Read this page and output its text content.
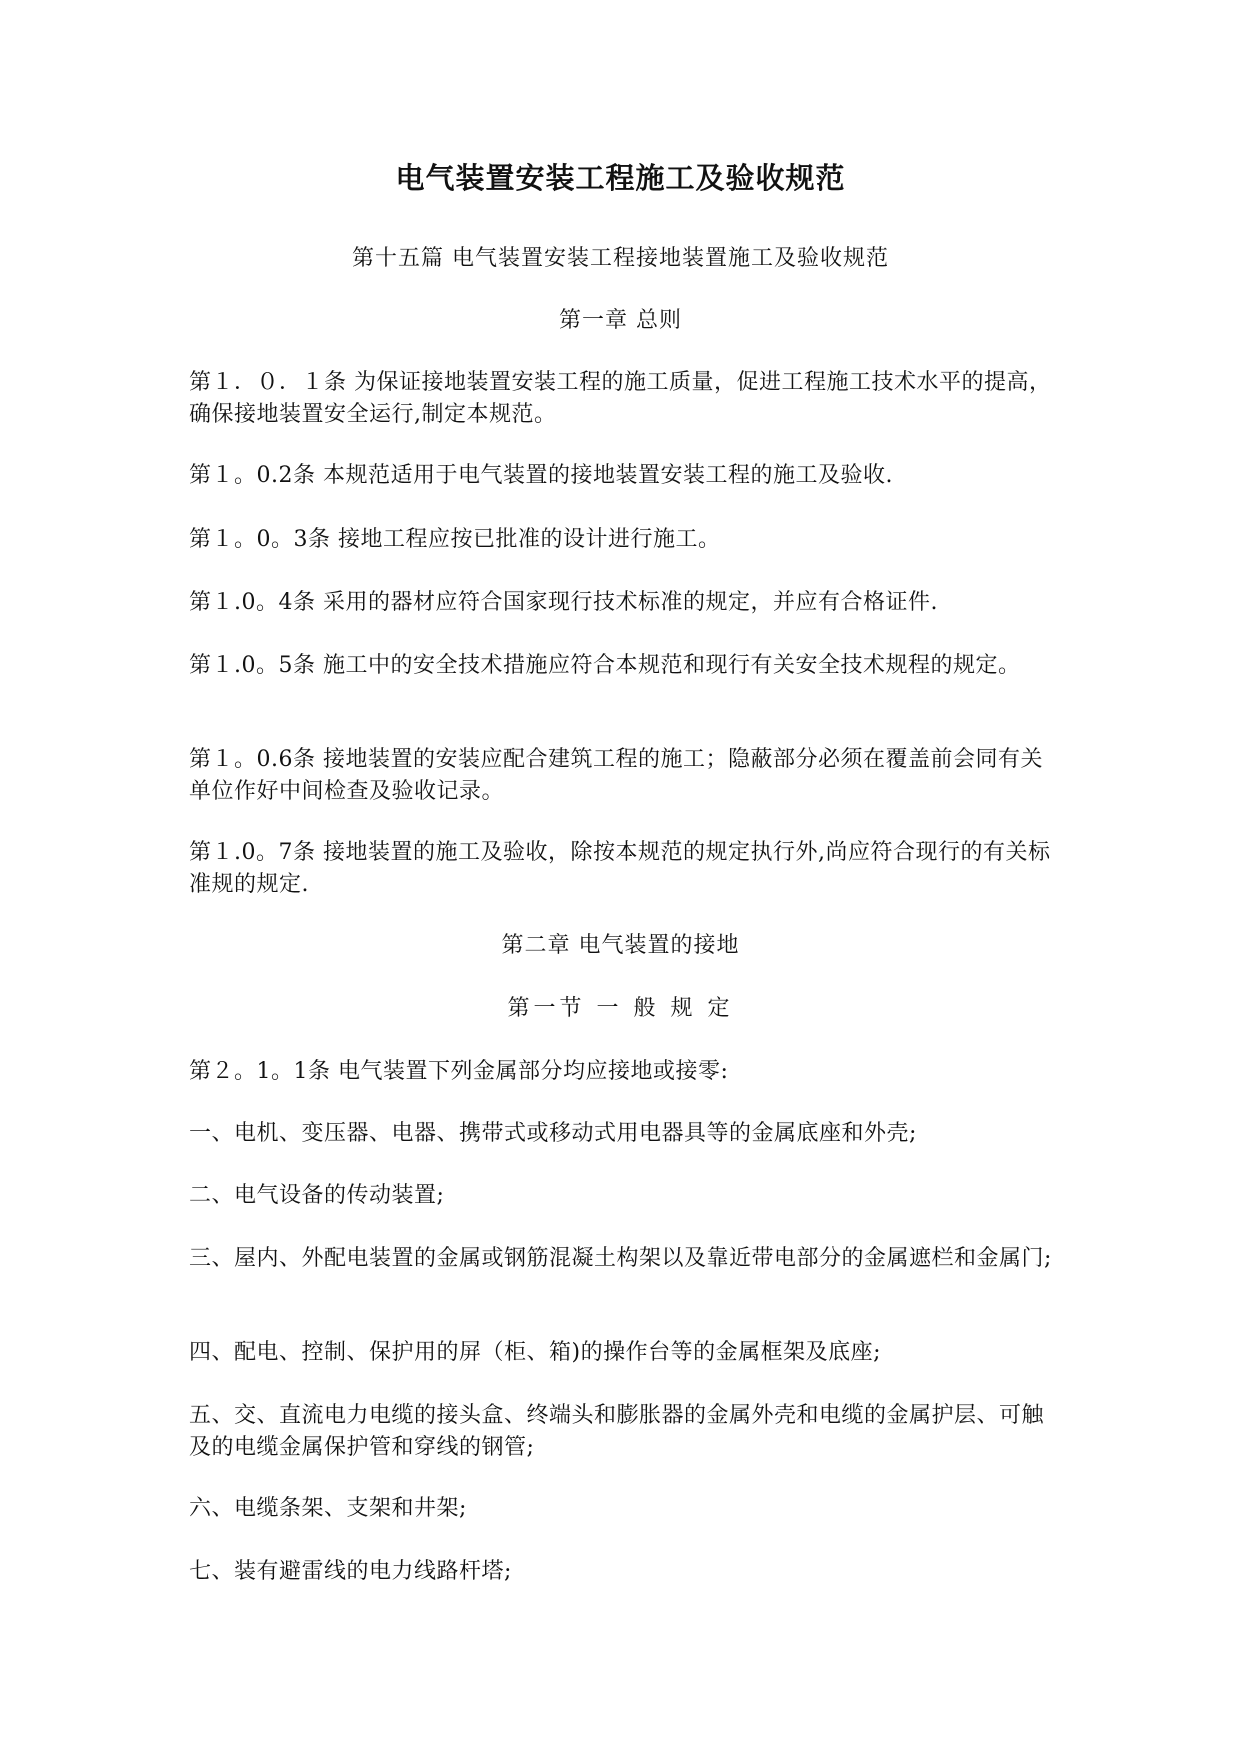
电气装置安装工程施工及验收规范
第十五篇 电气装置安装工程接地装置施工及验收规范
第一章 总则
第１．０．１条 为保证接地装置安装工程的施工质量，促进工程施工技术水平的提高，确保接地装置安全运行,制定本规范。
第１。0.2条 本规范适用于电气装置的接地装置安装工程的施工及验收.
第１。0。3条 接地工程应按已批准的设计进行施工。
第１.0。4条 采用的器材应符合国家现行技术标准的规定，并应有合格证件.
第１.0。5条 施工中的安全技术措施应符合本规范和现行有关安全技术规程的规定。
第１。0.6条 接地装置的安装应配合建筑工程的施工；隐蔽部分必须在覆盖前会同有关单位作好中间检查及验收记录。
第１.0。7条 接地装置的施工及验收，除按本规范的规定执行外,尚应符合现行的有关标准规的规定.
第二章 电气装置的接地
第一节 一 般 规 定
第２。1。1条 电气装置下列金属部分均应接地或接零:
一、电机、变压器、电器、携带式或移动式用电器具等的金属底座和外壳;
二、电气设备的传动装置;
三、屋内、外配电装置的金属或钢筋混凝土构架以及靠近带电部分的金属遮栏和金属门;
四、配电、控制、保护用的屏（柜、箱)的操作台等的金属框架及底座;
五、交、直流电力电缆的接头盒、终端头和膨胀器的金属外壳和电缆的金属护层、可触及的电缆金属保护管和穿线的钢管;
六、电缆条架、支架和井架;
七、装有避雷线的电力线路杆塔;
